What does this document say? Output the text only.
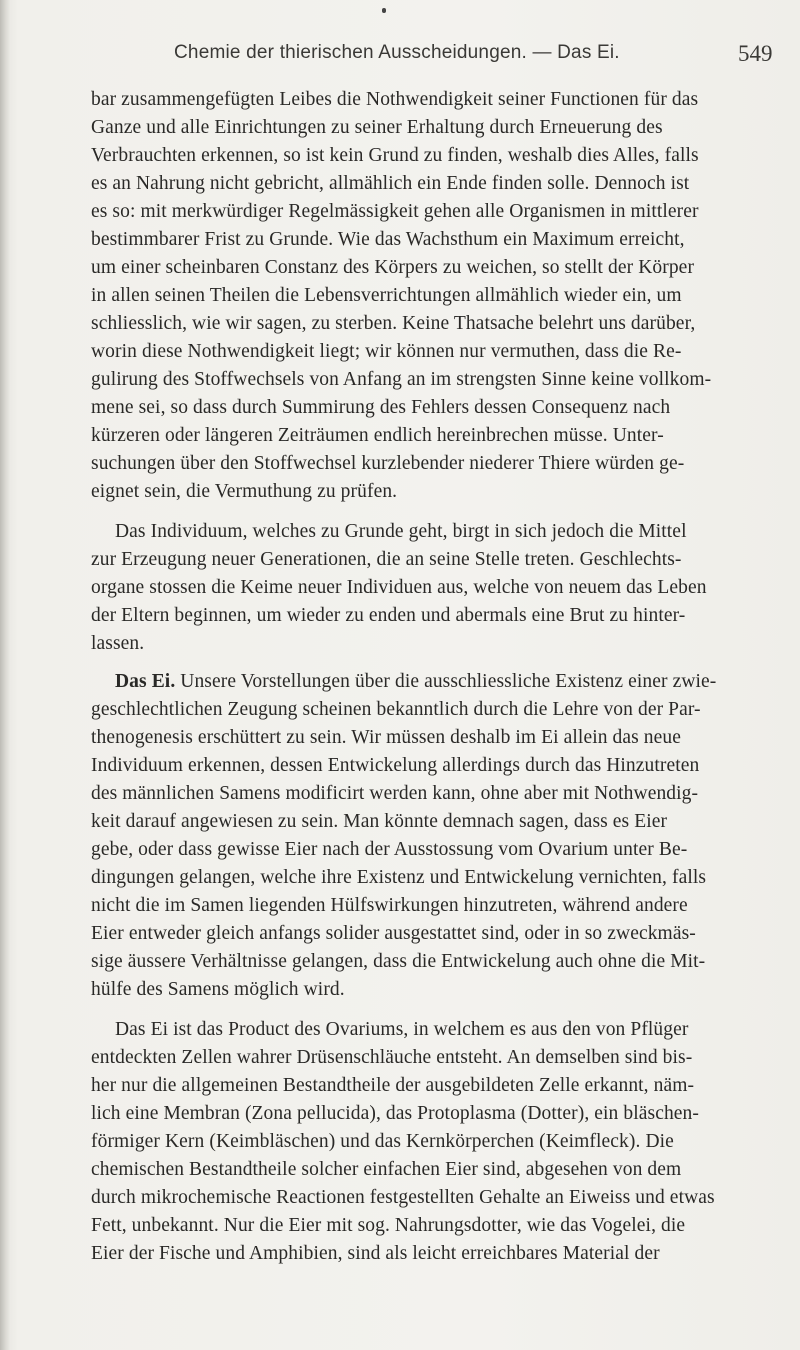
Chemie der thierischen Ausscheidungen. — Das Ei.	549
bar zusammengefügten Leibes die Nothwendigkeit seiner Functionen für das
Ganze und alle Einrichtungen zu seiner Erhaltung durch Erneuerung des
Verbrauchten erkennen, so ist kein Grund zu finden, weshalb dies Alles, falls
es an Nahrung nicht gebricht, allmählich ein Ende finden solle. Dennoch ist
es so: mit merkwürdiger Regelmässigkeit gehen alle Organismen in mittlerer
bestimmbarer Frist zu Grunde. Wie das Wachsthum ein Maximum erreicht,
um einer scheinbaren Constanz des Körpers zu weichen, so stellt der Körper
in allen seinen Theilen die Lebensverrichtungen allmählich wieder ein, um
schliesslich, wie wir sagen, zu sterben. Keine Thatsache belehrt uns darüber,
worin diese Nothwendigkeit liegt; wir können nur vermuthen, dass die Re-
gulirung des Stoffwechsels von Anfang an im strengsten Sinne keine vollkom-
mene sei, so dass durch Summirung des Fehlers dessen Consequenz nach
kürzeren oder längeren Zeiträumen endlich hereinbrechen müsse. Unter-
suchungen über den Stoffwechsel kurzlebender niederer Thiere würden ge-
eignet sein, die Vermuthung zu prüfen.
Das Individuum, welches zu Grunde geht, birgt in sich jedoch die Mittel
zur Erzeugung neuer Generationen, die an seine Stelle treten. Geschlechts-
organe stossen die Keime neuer Individuen aus, welche von neuem das Leben
der Eltern beginnen, um wieder zu enden und abermals eine Brut zu hinter-
lassen.
Das Ei. Unsere Vorstellungen über die ausschliessliche Existenz einer zwie-
geschlechtlichen Zeugung scheinen bekanntlich durch die Lehre von der Par-
thenogenesis erschüttert zu sein. Wir müssen deshalb im Ei allein das neue
Individuum erkennen, dessen Entwickelung allerdings durch das Hinzutreten
des männlichen Samens modificirt werden kann, ohne aber mit Nothwendig-
keit darauf angewiesen zu sein. Man könnte demnach sagen, dass es Eier
gebe, oder dass gewisse Eier nach der Ausstossung vom Ovarium unter Be-
dingungen gelangen, welche ihre Existenz und Entwickelung vernichten, falls
nicht die im Samen liegenden Hülfswirkungen hinzutreten, während andere
Eier entweder gleich anfangs solider ausgestattet sind, oder in so zweckmäs-
sige äussere Verhältnisse gelangen, dass die Entwickelung auch ohne die Mit-
hülfe des Samens möglich wird.
Das Ei ist das Product des Ovariums, in welchem es aus den von Pflüger
entdeckten Zellen wahrer Drüsenschläuche entsteht. An demselben sind bis-
her nur die allgemeinen Bestandtheile der ausgebildeten Zelle erkannt, näm-
lich eine Membran (Zona pellucida), das Protoplasma (Dotter), ein bläschen-
förmiger Kern (Keimbläschen) und das Kernkörperchen (Keimfleck). Die
chemischen Bestandtheile solcher einfachen Eier sind, abgesehen von dem
durch mikrochemische Reactionen festgestellten Gehalte an Eiweiss und etwas
Fett, unbekannt. Nur die Eier mit sog. Nahrungsdotter, wie das Vogelei, die
Eier der Fische und Amphibien, sind als leicht erreichbares Material der
